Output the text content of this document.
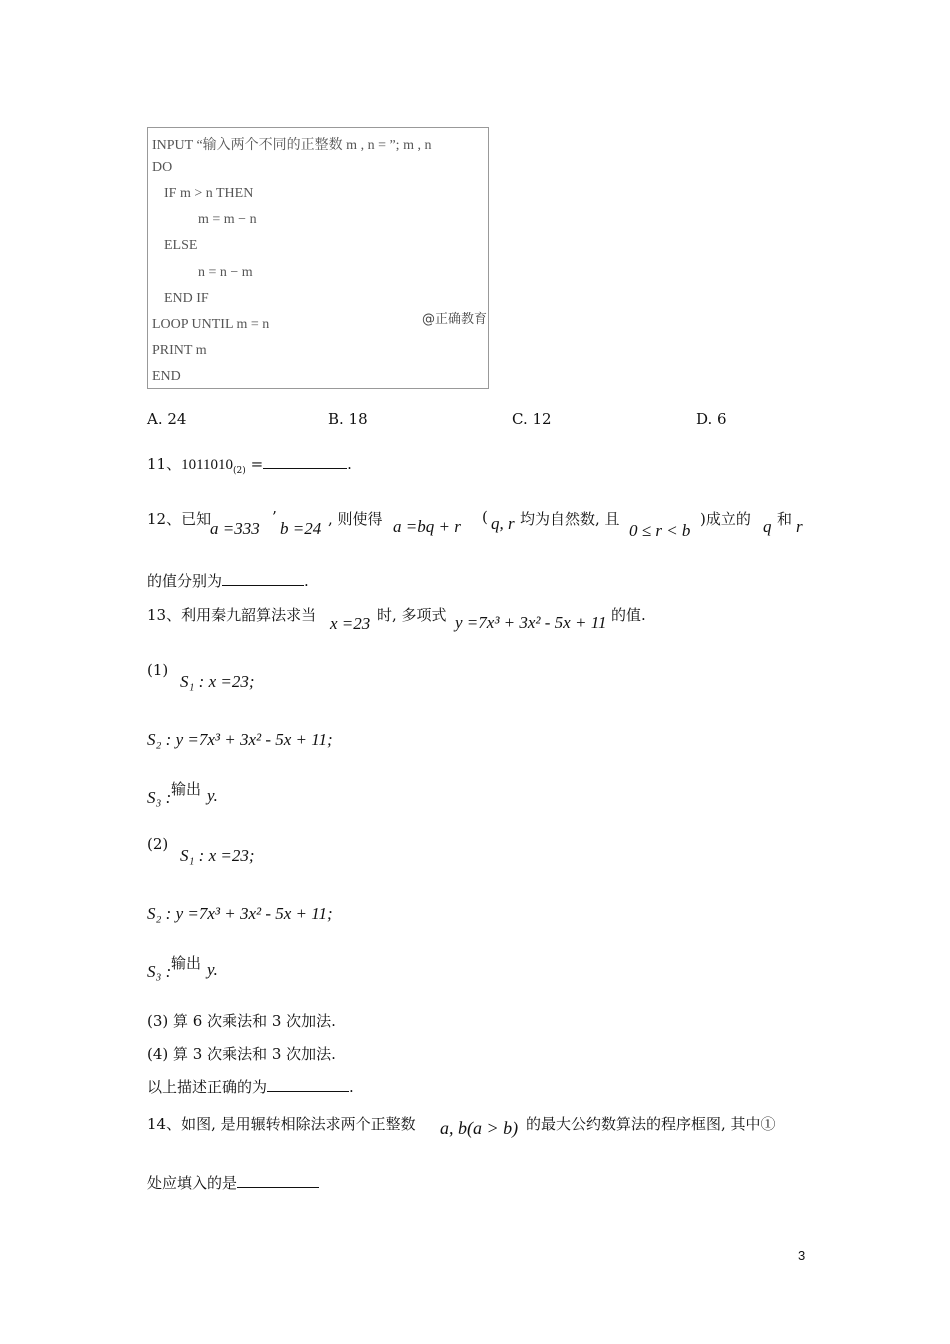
INPUT “输入两个不同的正整数 m , n = ”; m , n
DO
IF m > n THEN
m = m − n
ELSE
n = n − m
END IF
LOOP UNTIL m = n
PRINT m
END
@正确教育
A. 24	B. 18	C. 12	D. 6
11、$1011010_{(2)}$ =	.
12、已知
a =333
’
b =24 , 则使得 a =bq + r ( q, r 均为自然数, 且
0 ≤ r < b
)成立的 q 和 r
的值分别为	.
13、利用秦九韶算法求当 x =23 时, 多项式 y =7x³ + 3x² - 5x + 11 的值.
(1)
S₁ : x =23;
S₂ : y =7x³ + 3x² - 5x + 11;
S₃ : 输出 y.
(2)
S₁ : x =23;
S₂ : y =7x³ + 3x² - 5x + 11;
S₃ : 输出 y.
(3) 算 6 次乘法和 3 次加法.
(4) 算 3 次乘法和 3 次加法.
以上描述正确的为	.
14、如图, 是用辗转相除法求两个正整数 a, b(a > b) 的最大公约数算法的程序框图, 其中①
处应填入的是
3
